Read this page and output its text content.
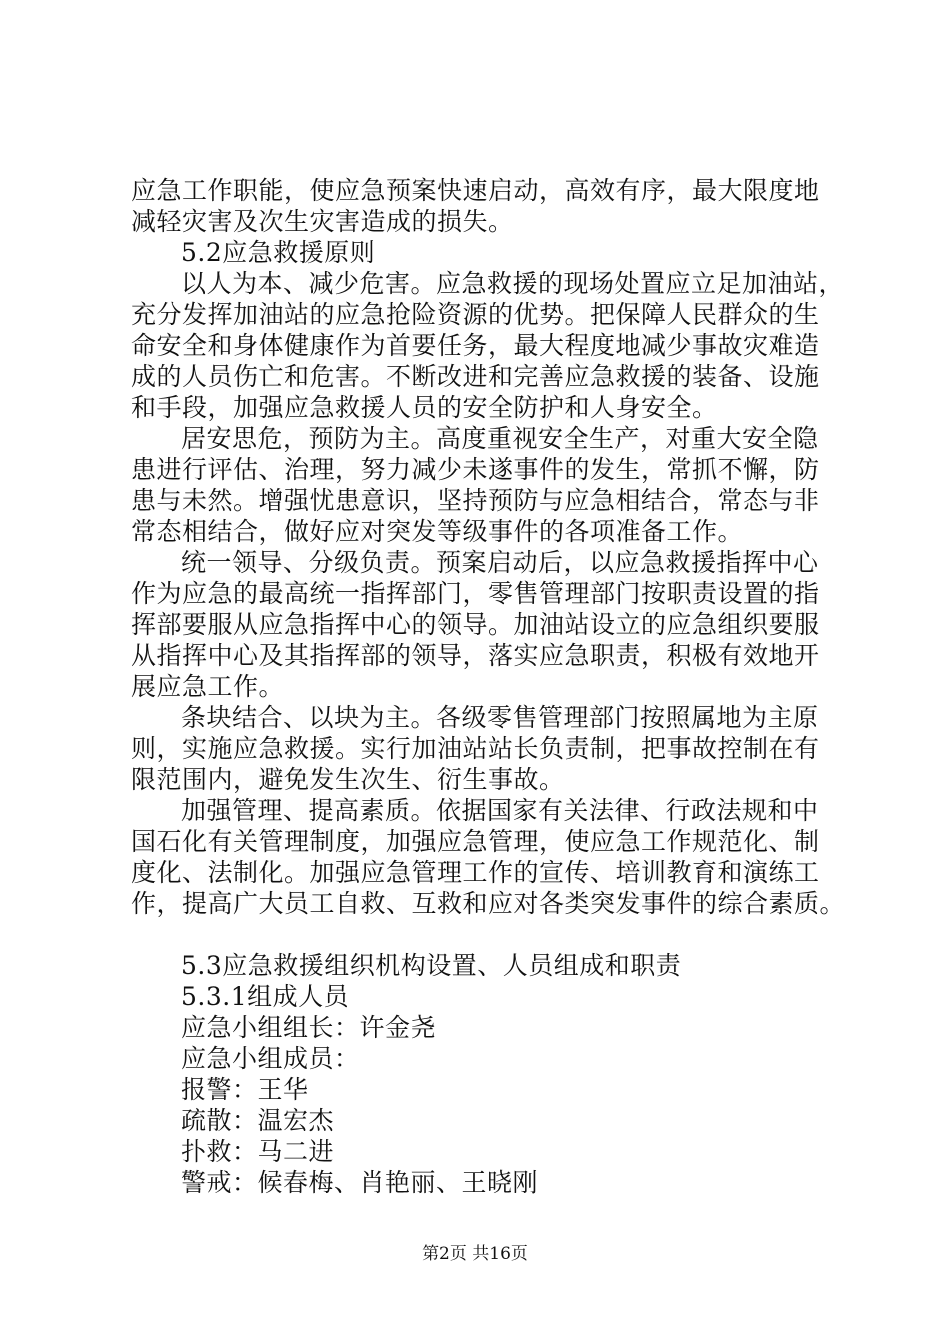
应急工作职能，使应急预案快速启动，高效有序，最大限度地
减轻灾害及次生灾害造成的损失。
5.2应急救援原则
以人为本、减少危害。应急救援的现场处置应立足加油站，
充分发挥加油站的应急抢险资源的优势。把保障人民群众的生
命安全和身体健康作为首要任务，最大程度地减少事故灾难造
成的人员伤亡和危害。不断改进和完善应急救援的装备、设施
和手段，加强应急救援人员的安全防护和人身安全。
居安思危，预防为主。高度重视安全生产，对重大安全隐
患进行评估、治理，努力减少未遂事件的发生，常抓不懈，防
患与未然。增强忧患意识，坚持预防与应急相结合，常态与非
常态相结合，做好应对突发等级事件的各项准备工作。
统一领导、分级负责。预案启动后，以应急救援指挥中心
作为应急的最高统一指挥部门，零售管理部门按职责设置的指
挥部要服从应急指挥中心的领导。加油站设立的应急组织要服
从指挥中心及其指挥部的领导，落实应急职责，积极有效地开
展应急工作。
条块结合、以块为主。各级零售管理部门按照属地为主原
则，实施应急救援。实行加油站站长负责制，把事故控制在有
限范围内，避免发生次生、衍生事故。
加强管理、提高素质。依据国家有关法律、行政法规和中
国石化有关管理制度，加强应急管理，使应急工作规范化、制
度化、法制化。加强应急管理工作的宣传、培训教育和演练工
作，提高广大员工自救、互救和应对各类突发事件的综合素质。
5.3应急救援组织机构设置、人员组成和职责
5.3.1组成人员
应急小组组长：许金尧
应急小组成员：
报警：王华
疏散：温宏杰
扑救：马二进
警戒：候春梅、肖艳丽、王晓刚
第2页 共16页
